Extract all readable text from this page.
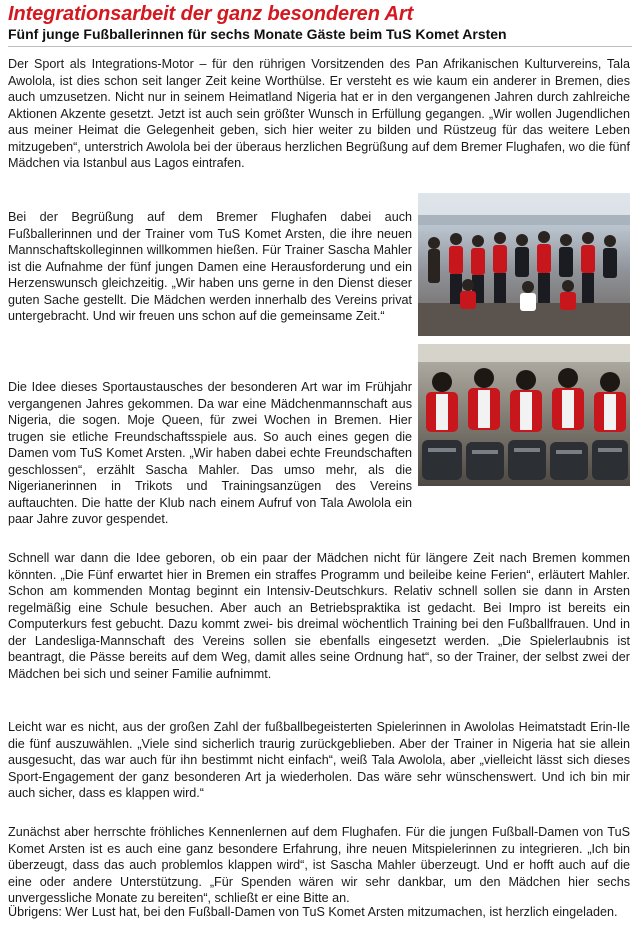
Integrationsarbeit der ganz besonderen Art
Fünf junge Fußballerinnen für sechs Monate Gäste beim TuS Komet Arsten

Der Sport als Integrations-Motor – für den rührigen Vorsitzenden des Pan Afrikanischen Kulturvereins, Tala Awolola, ist dies schon seit langer Zeit keine Worthülse. Er versteht es wie kaum ein anderer in Bremen, dies auch umzusetzen. Nicht nur in seinem Heimatland Nigeria hat er in den vergangenen Jahren durch zahlreiche Aktionen Akzente gesetzt. Jetzt ist auch sein größter Wunsch in Erfüllung gegangen. „Wir wollen Jugendlichen aus meiner Heimat die Gelegenheit geben, sich hier weiter zu bilden und Rüstzeug für das weitere Leben mitzugeben“, unterstrich Awolola bei der überaus herzlichen Begrüßung auf dem Bremer Flughafen, wo die fünf Mädchen via Istanbul aus Lagos eintrafen.

Bei der Begrüßung auf dem Bremer Flughafen dabei auch Fußballerinnen und der Trainer vom TuS Komet Arsten, die ihre neuen Mannschaftskolleginnen willkommen hießen. Für Trainer Sascha Mahler ist die Aufnahme der fünf jungen Damen eine Herausforderung und ein Herzenswunsch gleichzeitig. „Wir haben uns gerne in den Dienst dieser guten Sache gestellt. Die Mädchen werden innerhalb des Vereins privat untergebracht. Und wir freuen uns schon auf die gemeinsame Zeit.“

Die Idee dieses Sportaustausches der besonderen Art war im Frühjahr vergangenen Jahres gekommen. Da war eine Mädchenmannschaft aus Nigeria, die sogen. Moje Queen, für zwei Wochen in Bremen. Hier trugen sie etliche Freundschaftsspiele aus. So auch eines gegen die Damen vom TuS Komet Arsten. „Wir haben dabei echte Freundschaften geschlossen“, erzählt Sascha Mahler. Das umso mehr, als die Nigerianerinnen in Trikots und Trainingsanzügen des Vereins auftauchten. Die hatte der Klub nach einem Aufruf von Tala Awolola ein paar Jahre zuvor gespendet.

Schnell war dann die Idee geboren, ob ein paar der Mädchen nicht für längere Zeit nach Bremen kommen könnten. „Die Fünf erwartet hier in Bremen ein straffes Programm und beileibe keine Ferien“, erläutert Mahler. Schon am kommenden Montag beginnt ein Intensiv-Deutschkurs. Relativ schnell sollen sie dann in Arsten regelmäßig eine Schule besuchen. Aber auch an Betriebspraktika ist gedacht. Bei Impro ist bereits ein Computerkurs fest gebucht. Dazu kommt zwei- bis dreimal wöchentlich Training bei den Fußballfrauen. Und in der Landesliga-Mannschaft des Vereins sollen sie ebenfalls eingesetzt werden. „Die Spielerlaubnis ist beantragt, die Pässe bereits auf dem Weg, damit alles seine Ordnung hat“, so der Trainer, der selbst zwei der Mädchen bei sich und seiner Familie aufnimmt.

Leicht war es nicht, aus der großen Zahl der fußballbegeisterten Spielerinnen in Awololas Heimatstadt Erin-Ile die fünf auszuwählen. „Viele sind sicherlich traurig zurückgeblieben. Aber der Trainer in Nigeria hat sie allein ausgesucht, das war auch für ihn bestimmt nicht einfach“, weiß Tala Awolola, aber „vielleicht lässt sich dieses Sport-Engagement der ganz besonderen Art ja wiederholen. Das wäre sehr wünschenswert. Und ich bin mir auch sicher, dass es klappen wird.“

Zunächst aber herrschte fröhliches Kennenlernen auf dem Flughafen. Für die jungen Fußball-Damen von TuS Komet Arsten ist es auch eine ganz besondere Erfahrung, ihre neuen Mitspielerinnen zu integrieren. „Ich bin überzeugt, dass das auch problemlos klappen wird“, ist Sascha Mahler überzeugt. Und er hofft auch auf die eine oder andere Unterstützung. „Für Spenden wären wir sehr dankbar, um den Mädchen hier sechs unvergessliche Monate zu bereiten“, schließt er eine Bitte an.

Übrigens: Wer Lust hat, bei den Fußball-Damen von TuS Komet Arsten mitzumachen, ist herzlich eingeladen.
